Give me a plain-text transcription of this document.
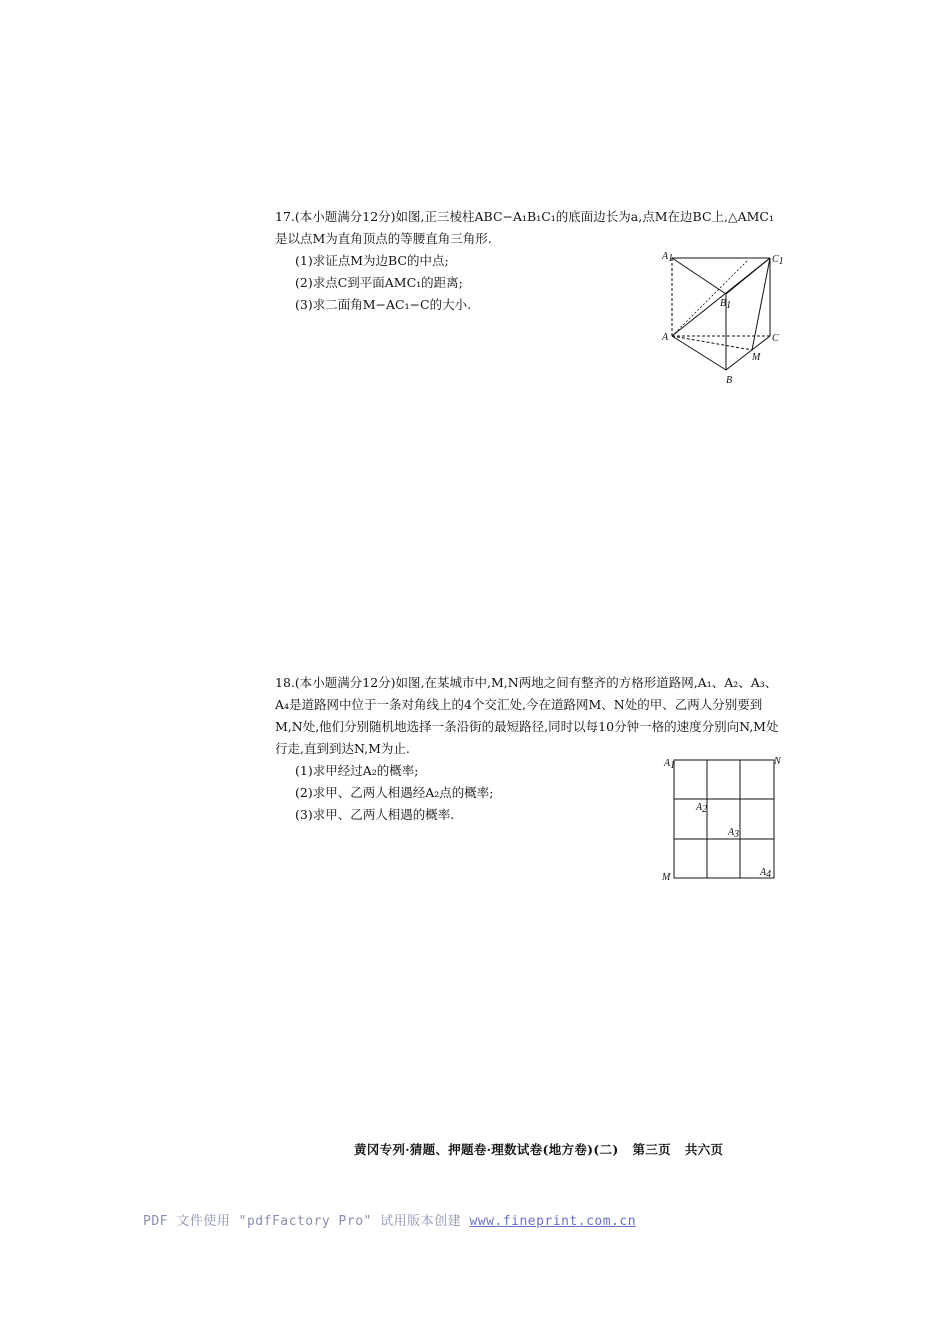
17.(本小题满分12分)如图,正三棱柱ABC−A₁B₁C₁的底面边长为a,点M在边BC上,△AMC₁是以点M为直角顶点的等腰直角三角形.

(1)求证点M为边BC的中点;

(2)求点C到平面AMC₁的距离;

(3)求二面角M−AC₁−C的大小.

A1	C1
B1
A	C
M
B

18.(本小题满分12分)如图,在某城市中,M,N两地之间有整齐的方格形道路网,A₁、A₂、A₃、A₄是道路网中位于一条对角线上的4个交汇处,今在道路网M、N处的甲、乙两人分别要到M,N处,他们分别随机地选择一条沿街的最短路径,同时以每10分钟一格的速度分别向N,M处行走,直到到达N,M为止.

(1)求甲经过A₂的概率;

(2)求甲、乙两人相遇经A₂点的概率;

(3)求甲、乙两人相遇的概率.

A1	N
A2
A3
M	A4
黄冈专列·猜题、押题卷·理数试卷(地方卷)(二) 第三页 共六页
PDF 文件使用 "pdfFactory Pro" 试用版本创建 www.fineprint.com.cn
